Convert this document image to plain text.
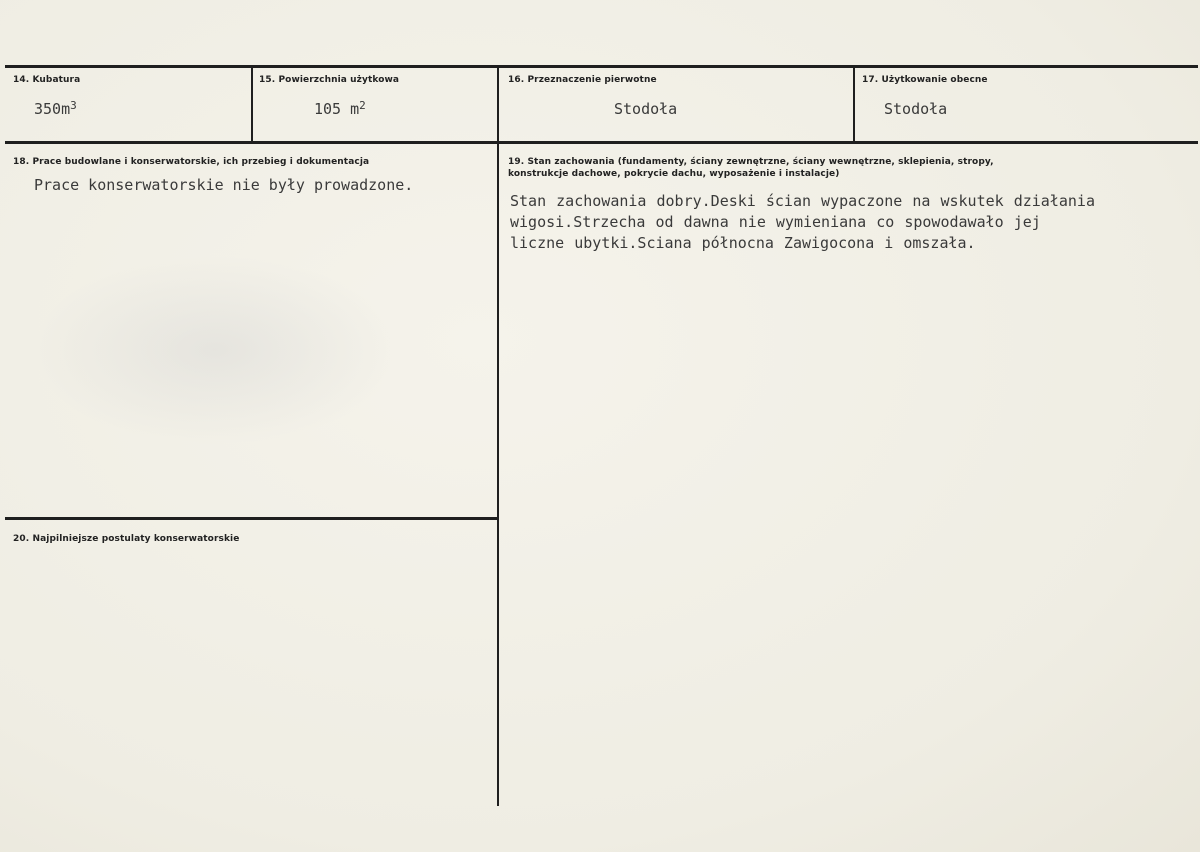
14. Kubatura
$350m^3$
15. Powierzchnia użytkowa
105 $m^2$
16. Przeznaczenie pierwotne
Stodoła
17. Użytkowanie obecne
Stodoła
18. Prace budowlane i konserwatorskie, ich przebieg i dokumentacja
Prace konserwatorskie nie były prowadzone.
19. Stan zachowania (fundamenty, ściany zewnętrzne, ściany wewnętrzne, sklepienia, stropy, konstrukcje dachowe, pokrycie dachu, wyposażenie i instalacje)
Stan zachowania dobry.Deski ścian wypaczone na wskutek działania
wigosi.Strzecha od dawna nie wymieniana co spowodawało jej
liczne ubytki.Sciana północna Zawigocona i omszała.
20. Najpilniejsze postulaty konserwatorskie
